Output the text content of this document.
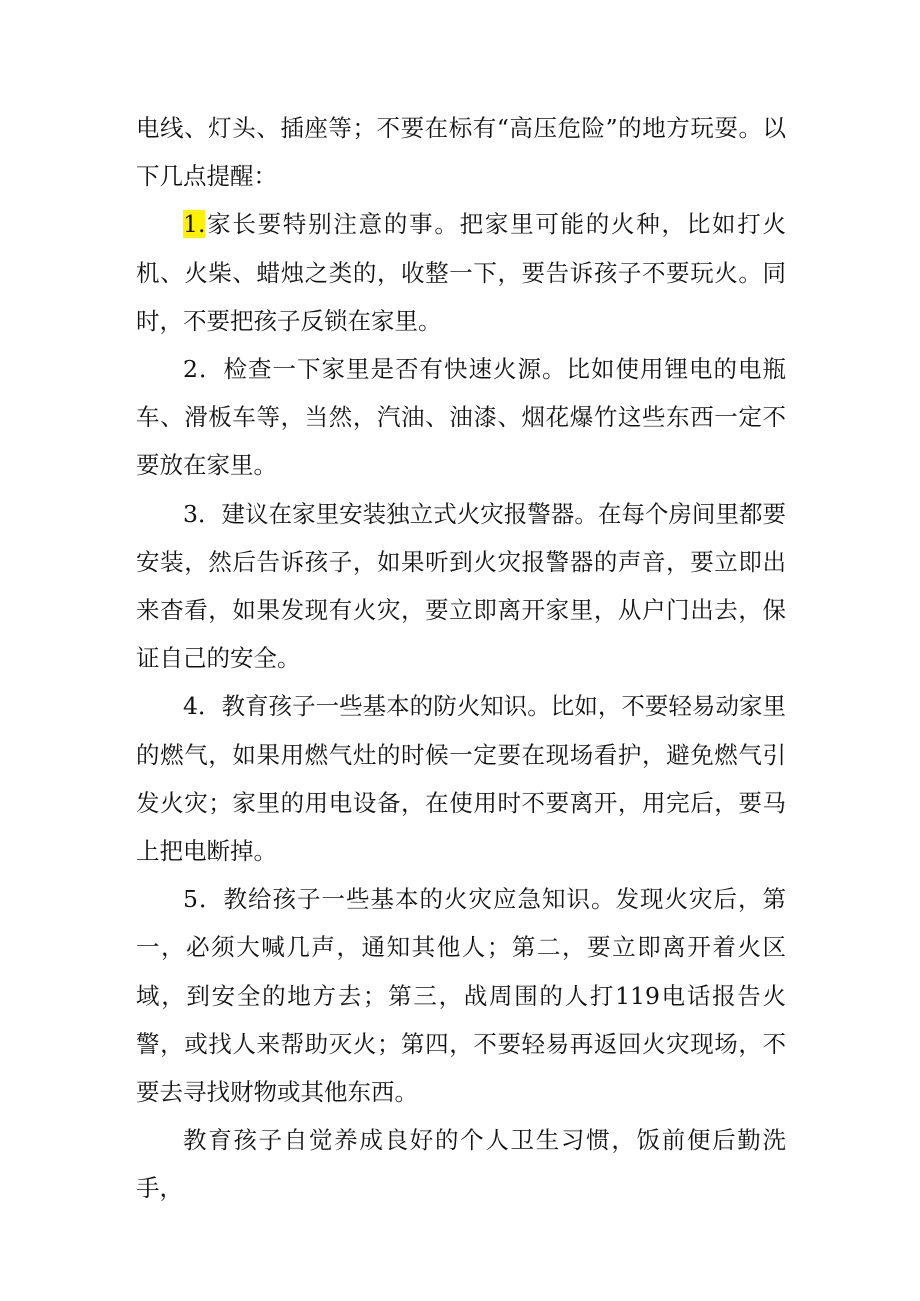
电线、灯头、插座等；不要在标有“高压危险”的地方玩耍。以下几点提醒：

1.家长要特别注意的事。把家里可能的火种，比如打火机、火柴、蜡烛之类的，收整一下，要告诉孩子不要玩火。同时，不要把孩子反锁在家里。

2．检查一下家里是否有快速火源。比如使用锂电的电瓶车、滑板车等，当然，汽油、油漆、烟花爆竹这些东西一定不要放在家里。

3．建议在家里安装独立式火灾报警器。在每个房间里都要安装，然后告诉孩子，如果听到火灾报警器的声音，要立即出来杳看，如果发现有火灾，要立即离开家里，从户门出去，保证自己的安全。

4．教育孩子一些基本的防火知识。比如，不要轻易动家里的燃气，如果用燃气灶的时候一定要在现场看护，避免燃气引发火灾；家里的用电设备，在使用时不要离开，用完后，要马上把电断掉。

5．教给孩子一些基本的火灾应急知识。发现火灾后，第一，必须大喊几声，通知其他人；第二，要立即离开着火区域，到安全的地方去；第三，战周围的人打119电话报告火警，或找人来帮助灭火；第四，不要轻易再返回火灾现场，不要去寻找财物或其他东西。

教育孩子自觉养成良好的个人卫生习惯，饭前便后勤洗手，
